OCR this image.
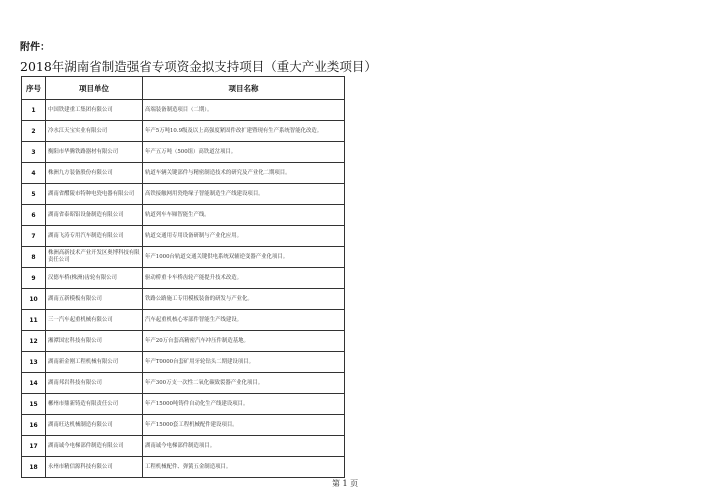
附件：
2018年湖南省制造强省专项资金拟支持项目（重大产业类项目）
序号	项目单位	项目名称
1	中国铁建重工集团有限公司	高端装备制造项目（二期）。
2	冷水江天宝实业有限公司	年产5万吨10.9级及以上高强度紧固件改扩建暨现有生产系统智能化改造。
3	衡阳市华腾铁路器材有限公司	年产五万吨（500组）高铁道岔项目。
4	株洲九方装备股份有限公司	轨道车辆关键部件与精密制造技术的研究及产业化二期项目。
5	湖南省醴陵市特种电瓷电器有限公司	高铁接触网用瓷绝缘子智能制造生产线建设项目。
6	湖南省泰昭铝设备制造有限公司	轨道列车车厢智能生产线。
7	湖南飞涛专用汽车制造有限公司	轨道交通用专用设备研制与产业化应用。
8	株洲高新技术产业开发区奥博科技有限责任公司	年产1000台轨道交通关键供电系统双辅逆变器产业化项目。
9	汉德车桥(株洲)齿轮有限公司	驱动桥重卡车桥齿轮产能提升技术改造。
10	湖南五新模板有限公司	铁路公路施工专用模板装备的研发与产业化。
11	三一汽车起重机械有限公司	汽车起重机核心零部件智能生产线建设。
12	湘潭国宏科技有限公司	年产20万台套高精密汽车冲压件制造基地。
13	湖南新金刚工程机械有限公司	年产T0000台套矿用牙轮钻头二期建设项目。
14	湖南邦岩科技有限公司	年产300万支一次性二氧化碳致裂器产业化项目。
15	郴州市鼎新铸造有限责任公司	年产15000吨铸件自动化生产线建设项目。
16	湖南旺达机械制造有限公司	年产15000套工程机械配件建设项目。
17	湖南诚今电梯部件制造有限公司	湖南诚今电梯部件制造项目。
18	永州市精信源科技有限公司	工程机械配件、弹簧五金制造项目。
第 1 页
